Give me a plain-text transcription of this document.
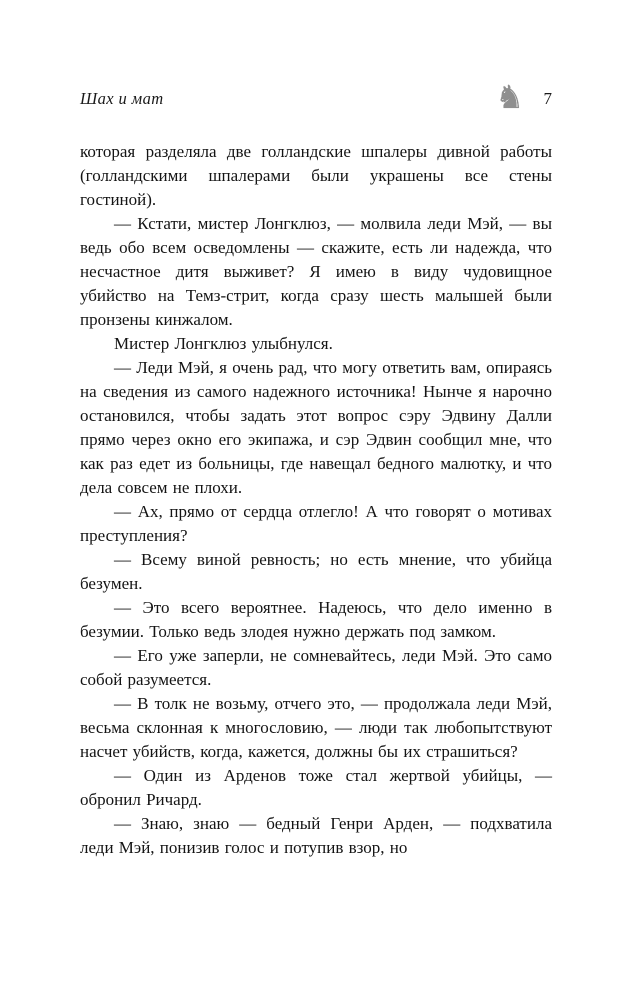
Шах и мат	♞ 7

которая разделяла две голландские шпалеры дивной работы (голландскими шпалерами были украшены все стены гостиной).

— Кстати, мистер Лонгклюз, — молвила леди Мэй, — вы ведь обо всем осведомлены — скажите, есть ли надежда, что несчастное дитя выживет? Я имею в виду чудовищное убийство на Темз-стрит, когда сразу шесть малышей были пронзены кинжалом.

Мистер Лонгклюз улыбнулся.

— Леди Мэй, я очень рад, что могу ответить вам, опираясь на сведения из самого надежного источника! Нынче я нарочно остановился, чтобы задать этот вопрос сэру Эдвину Далли прямо через окно его экипажа, и сэр Эдвин сообщил мне, что как раз едет из больницы, где навещал бедного малютку, и что дела совсем не плохи.

— Ах, прямо от сердца отлегло! А что говорят о мотивах преступления?

— Всему виной ревность; но есть мнение, что убийца безумен.

— Это всего вероятнее. Надеюсь, что дело именно в безумии. Только ведь злодея нужно держать под замком.

— Его уже заперли, не сомневайтесь, леди Мэй. Это само собой разумеется.

— В толк не возьму, отчего это, — продолжала леди Мэй, весьма склонная к многословию, — люди так любопытствуют насчет убийств, когда, кажется, должны бы их страшиться?

— Один из Арденов тоже стал жертвой убийцы, — обронил Ричард.

— Знаю, знаю — бедный Генри Арден, — подхватила леди Мэй, понизив голос и потупив взор, но
